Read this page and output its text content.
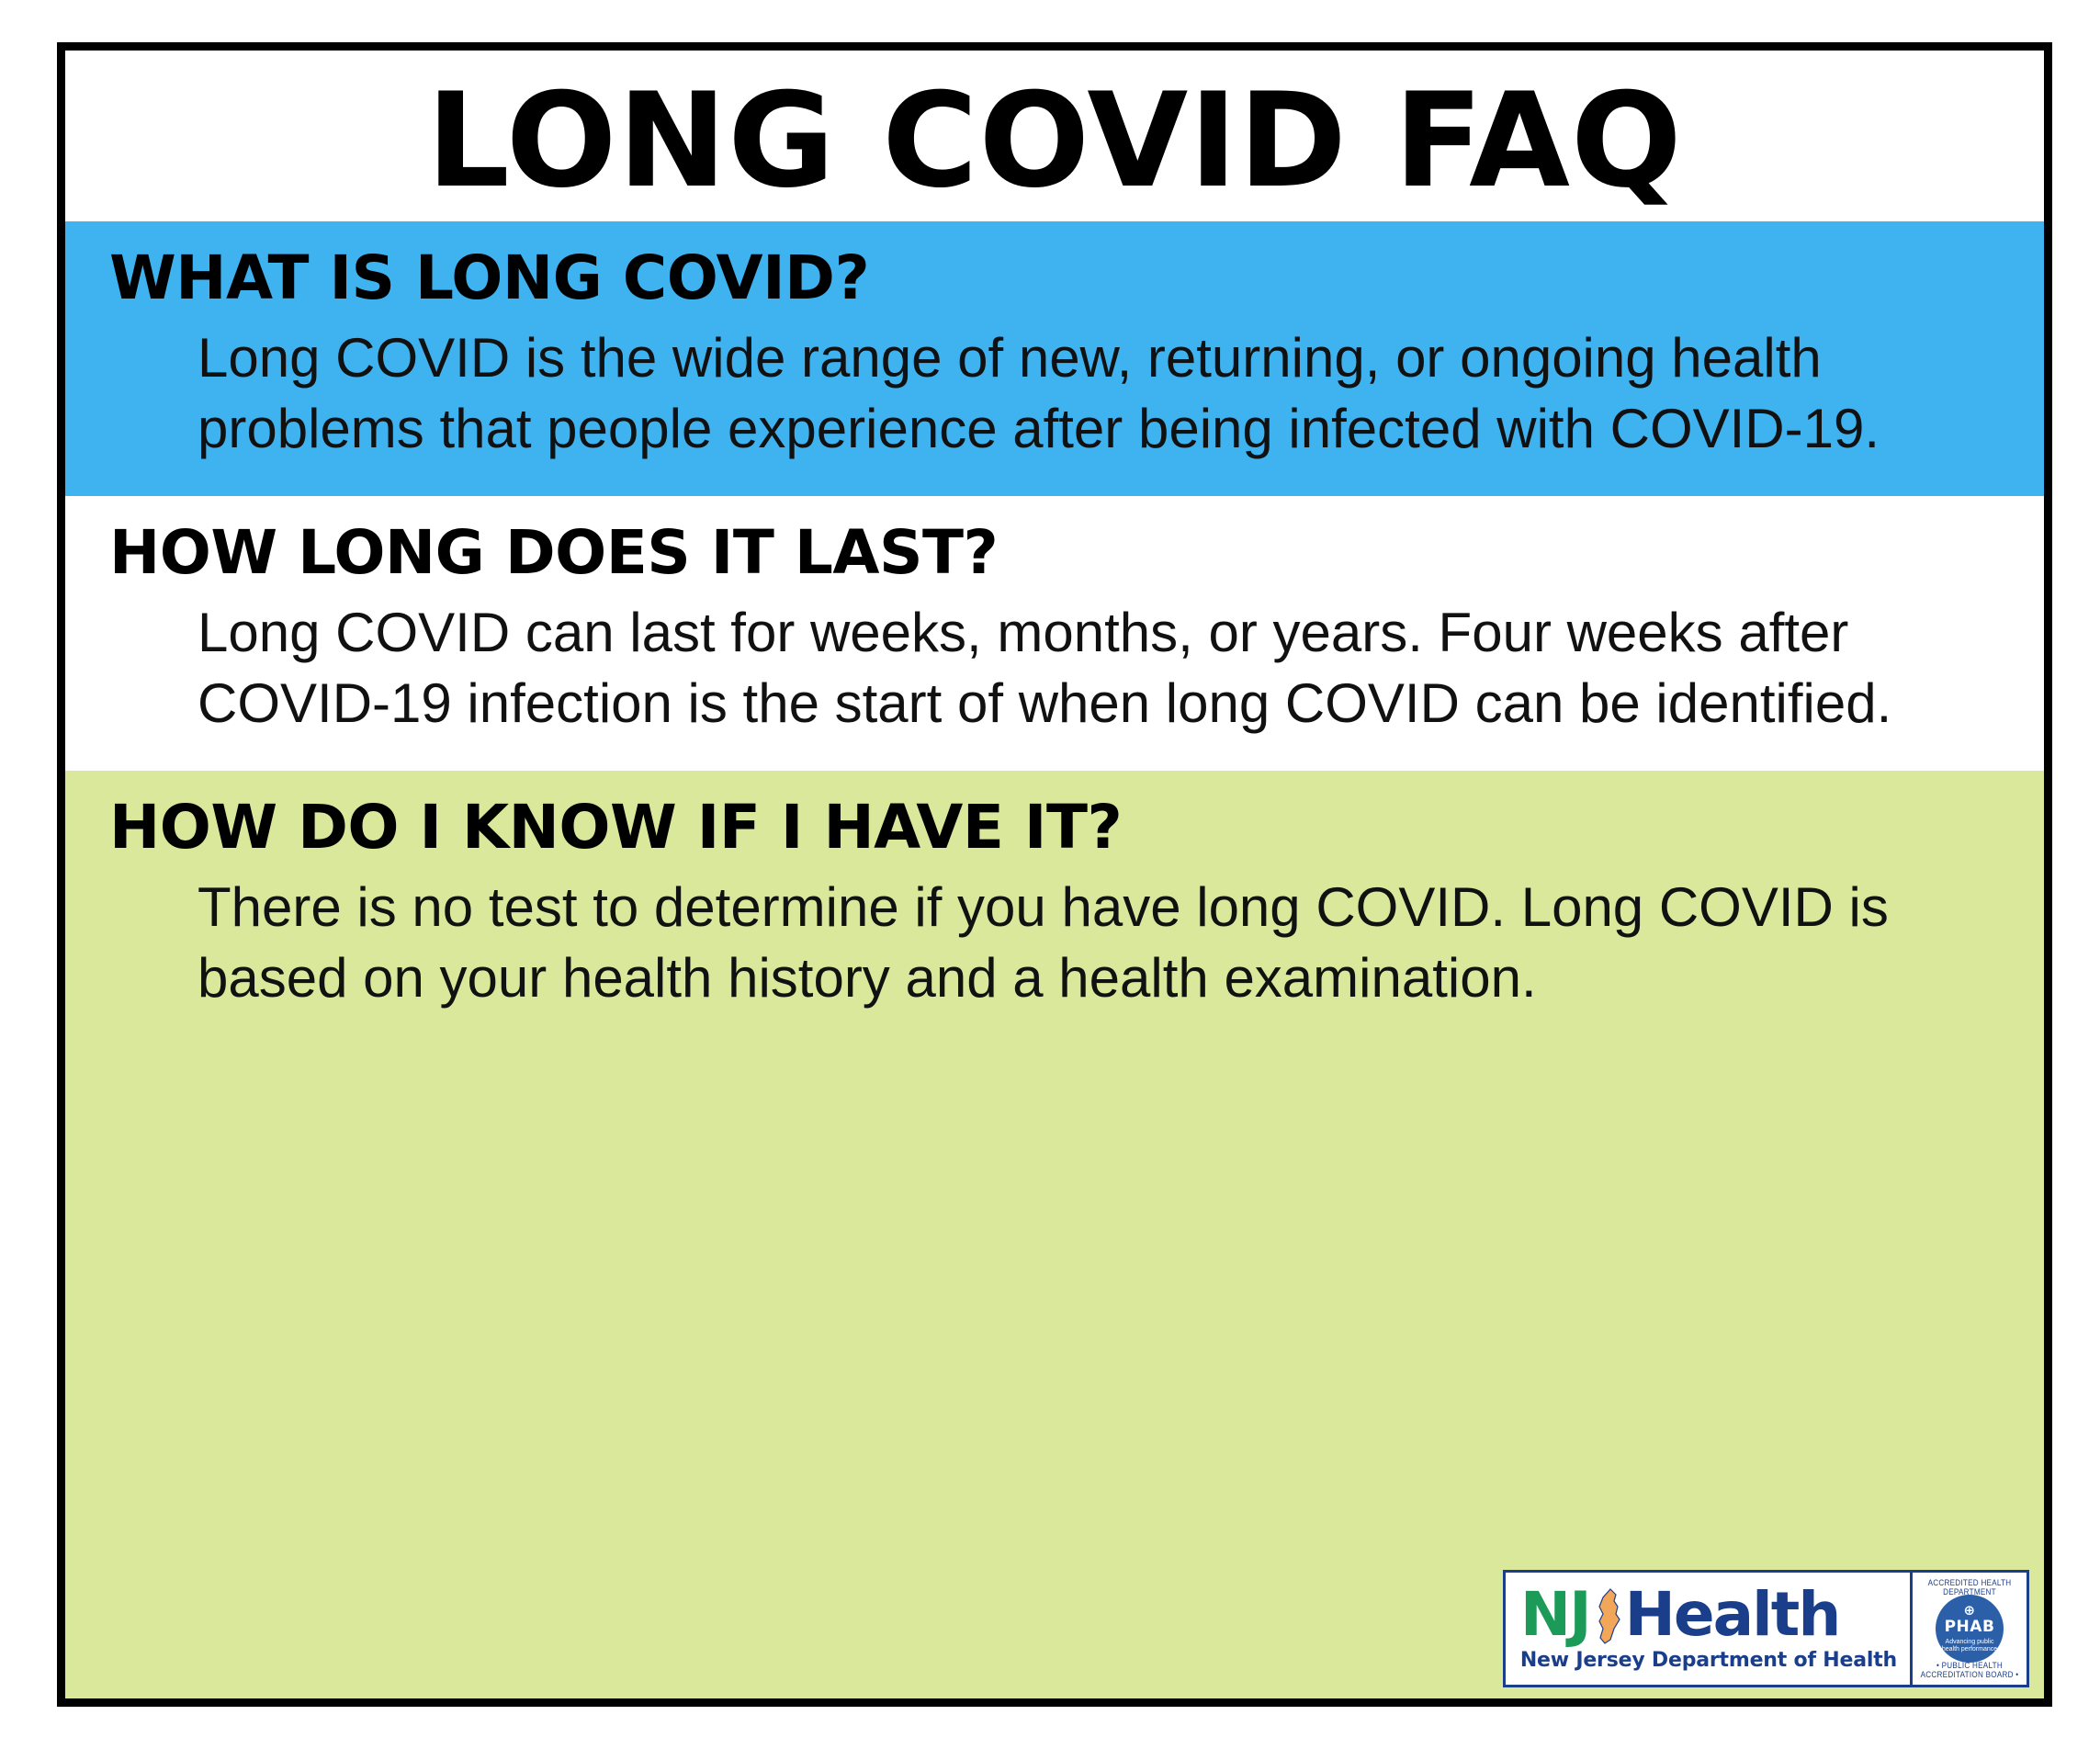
LONG COVID FAQ
WHAT IS LONG COVID?
Long COVID is the wide range of new, returning, or ongoing health problems that people experience after being infected with COVID-19.
HOW LONG DOES IT LAST?
Long COVID can last for weeks, months, or years. Four weeks after COVID-19 infection is the start of when long COVID can be identified.
HOW DO I KNOW IF I HAVE IT?
There is no test to determine if you have long COVID. Long COVID is based on your health history and a health examination.
NJ Health
New Jersey Department of Health
ACCREDITED HEALTH DEPARTMENT
• PUBLIC HEALTH ACCREDITATION BOARD •
⊕
PHAB
Advancing public health performance
